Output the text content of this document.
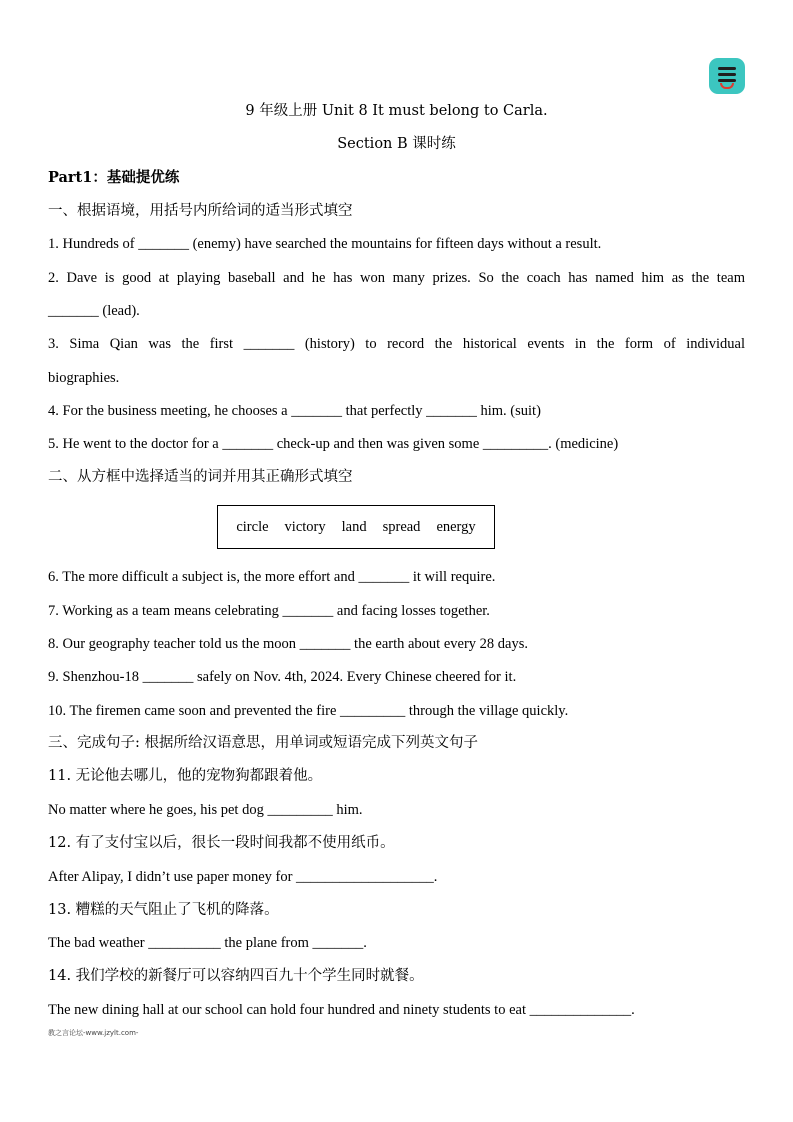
9 年级上册 Unit 8 It must belong to Carla.
Section B 课时练
Part1：基础提优练
一、根据语境，用括号内所给词的适当形式填空
1. Hundreds of _______ (enemy) have searched the mountains for fifteen days without a result.
2. Dave is good at playing baseball and he has won many prizes. So the coach has named him as the team
_______ (lead).
3. Sima Qian was the first _______ (history) to record the historical events in the form of individual
biographies.
4. For the business meeting, he chooses a _______ that perfectly _______ him. (suit)
5. He went to the doctor for a _______ check-up and then was given some _________. (medicine)
二、从方框中选择适当的词并用其正确形式填空
circle victory land spread energy
6. The more difficult a subject is, the more effort and _______ it will require.
7. Working as a team means celebrating _______ and facing losses together.
8. Our geography teacher told us the moon _______ the earth about every 28 days.
9. Shenzhou-18 _______ safely on Nov. 4th, 2024. Every Chinese cheered for it.
10. The firemen came soon and prevented the fire _________ through the village quickly.
三、完成句子: 根据所给汉语意思，用单词或短语完成下列英文句子
11. 无论他去哪儿，他的宠物狗都跟着他。
No matter where he goes, his pet dog _________ him.
12. 有了支付宝以后，很长一段时间我都不使用纸币。
After Alipay, I didn’t use paper money for ___________________.
13. 糟糕的天气阻止了飞机的降落。
The bad weather __________ the plane from _______.
14. 我们学校的新餐厅可以容纳四百九十个学生同时就餐。
The new dining hall at our school can hold four hundred and ninety students to eat ______________.
教之言论坛-www.jzylt.com-
